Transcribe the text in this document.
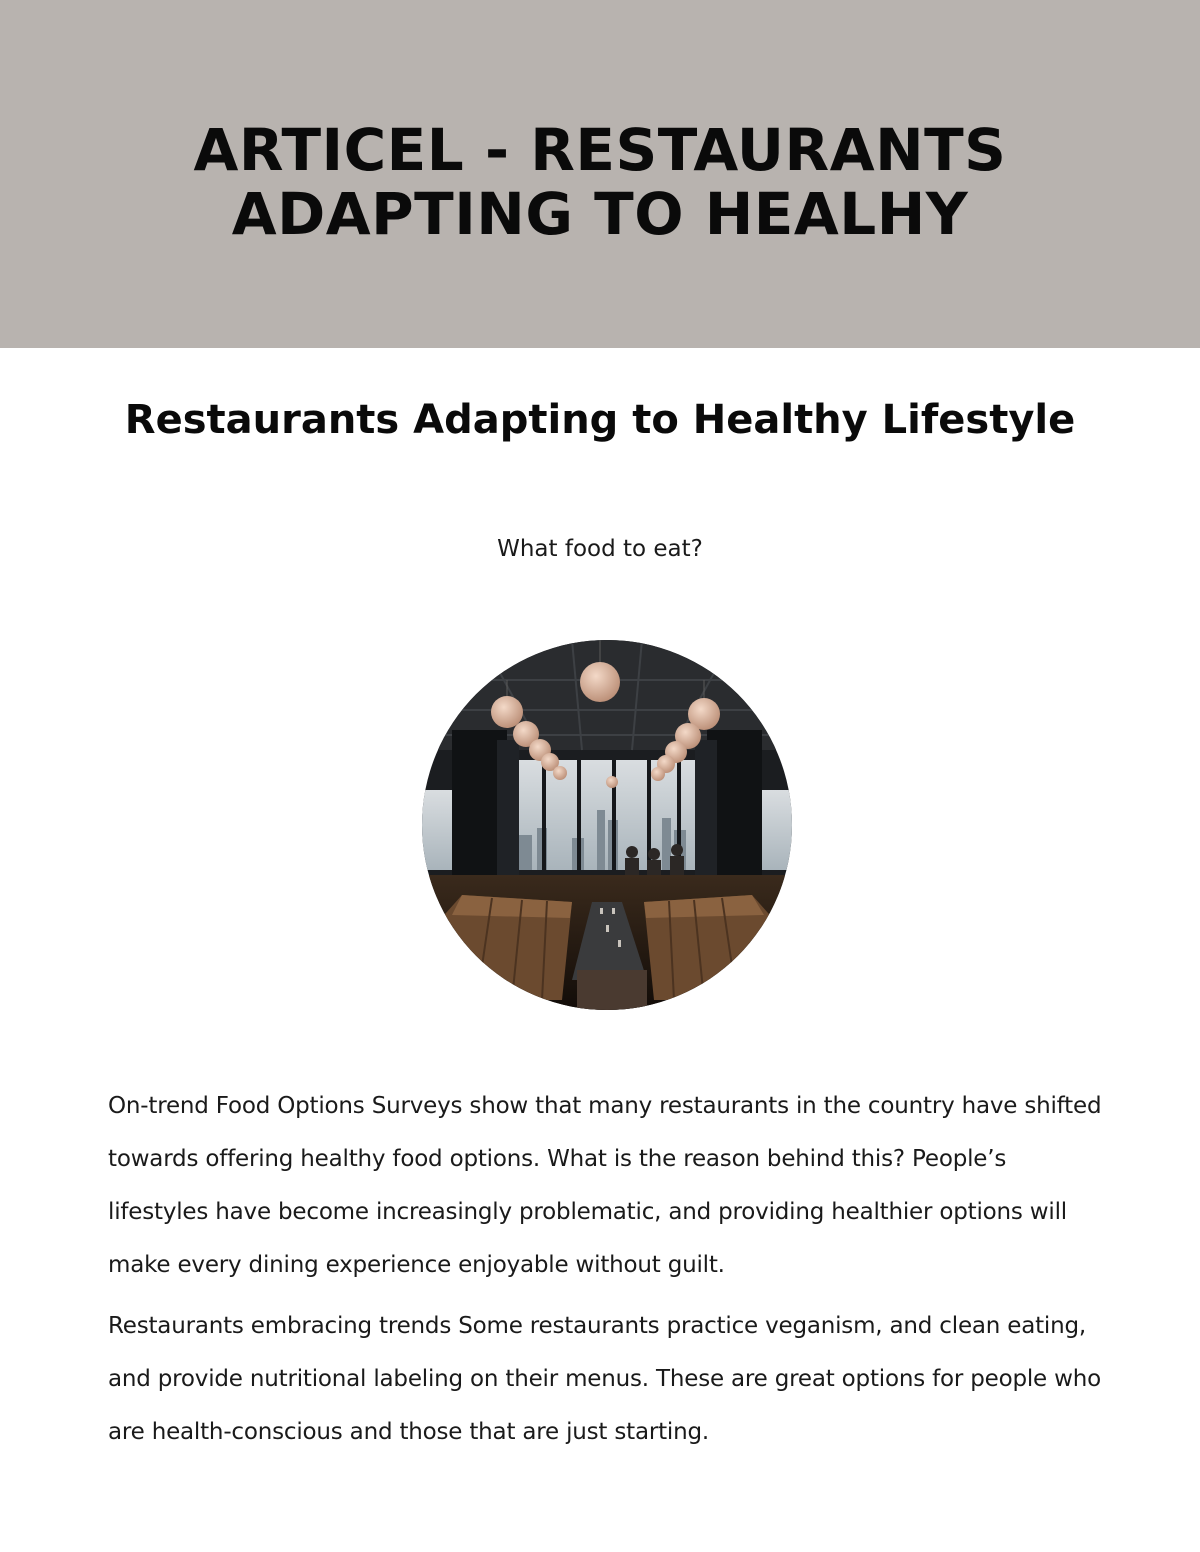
ARTICEL - RESTAURANTS
ADAPTING TO HEALHY
Restaurants Adapting to Healthy Lifestyle

What food to eat?

On-trend Food Options Surveys show that many restaurants in the country have shifted towards offering healthy food options. What is the reason behind this? People’s lifestyles have become increasingly problematic, and providing healthier options will make every dining experience enjoyable without guilt.

Restaurants embracing trends Some restaurants practice veganism, and clean eating, and provide nutritional labeling on their menus. These are great options for people who are health-conscious and those that are just starting.
